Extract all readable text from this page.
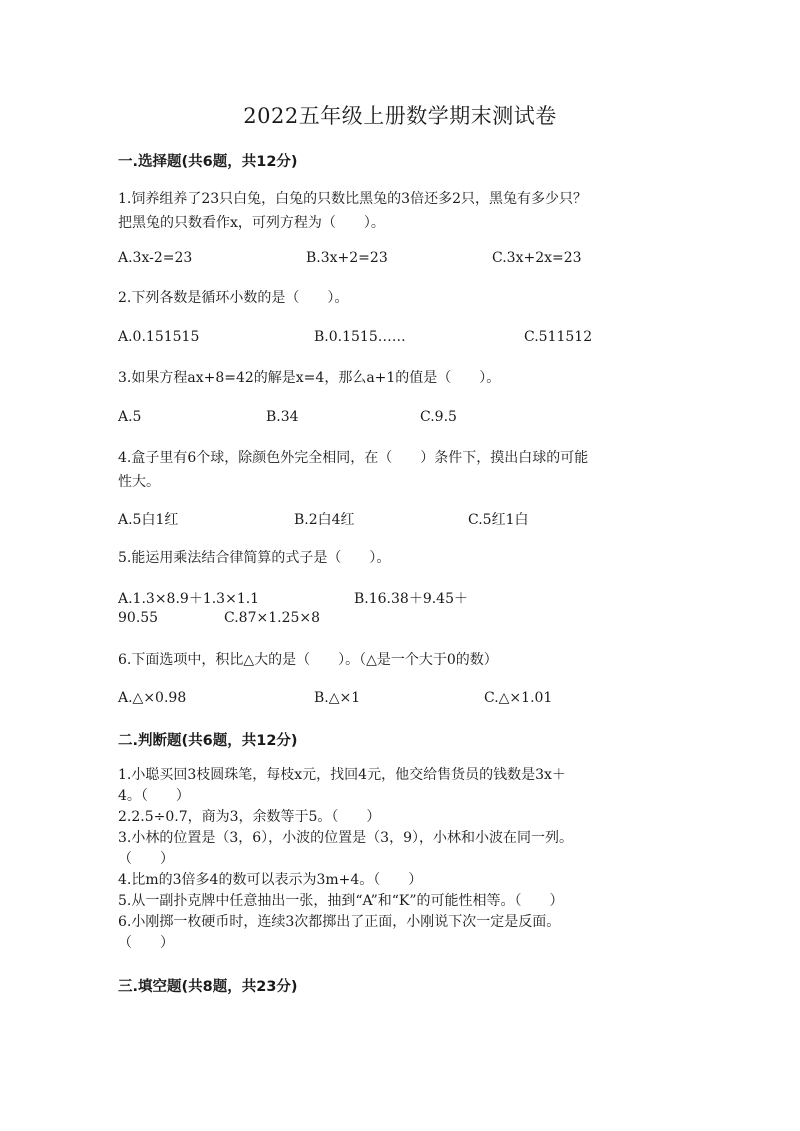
2022五年级上册数学期末测试卷
一.选择题(共6题，共12分)
1.饲养组养了23只白兔，白兔的只数比黑兔的3倍还多2只，黑兔有多少只？
把黑兔的只数看作x，可列方程为（　　）。
A.3x-2=23	B.3x+2=23	C.3x+2x=23
2.下列各数是循环小数的是（　　）。
A.0.151515	B.0.1515……	C.511512
3.如果方程ax+8=42的解是x=4，那么a+1的值是（　　）。
A.5	B.34	C.9.5
4.盒子里有6个球，除颜色外完全相同，在（　　）条件下，摸出白球的可能
性大。
A.5白1红	B.2白4红	C.5红1白
5.能运用乘法结合律简算的式子是（　　）。
A.1.3×8.9＋1.3×1.1	B.16.38＋9.45＋
90.55	C.87×1.25×8
6.下面选项中，积比△大的是（　　）。（△是一个大于0的数）
A.△×0.98	B.△×1	C.△×1.01
二.判断题(共6题，共12分)
1.小聪买回3枝圆珠笔，每枝x元，找回4元，他交给售货员的钱数是3x＋
4。（　　）
2.2.5÷0.7，商为3，余数等于5。（　　）
3.小林的位置是（3，6），小波的位置是（3，9），小林和小波在同一列。
（　　）
4.比m的3倍多4的数可以表示为3m+4。（　　）
5.从一副扑克牌中任意抽出一张，抽到“A”和“K”的可能性相等。（　　）
6.小刚掷一枚硬币时，连续3次都掷出了正面，小刚说下次一定是反面。
（　　）
三.填空题(共8题，共23分)
